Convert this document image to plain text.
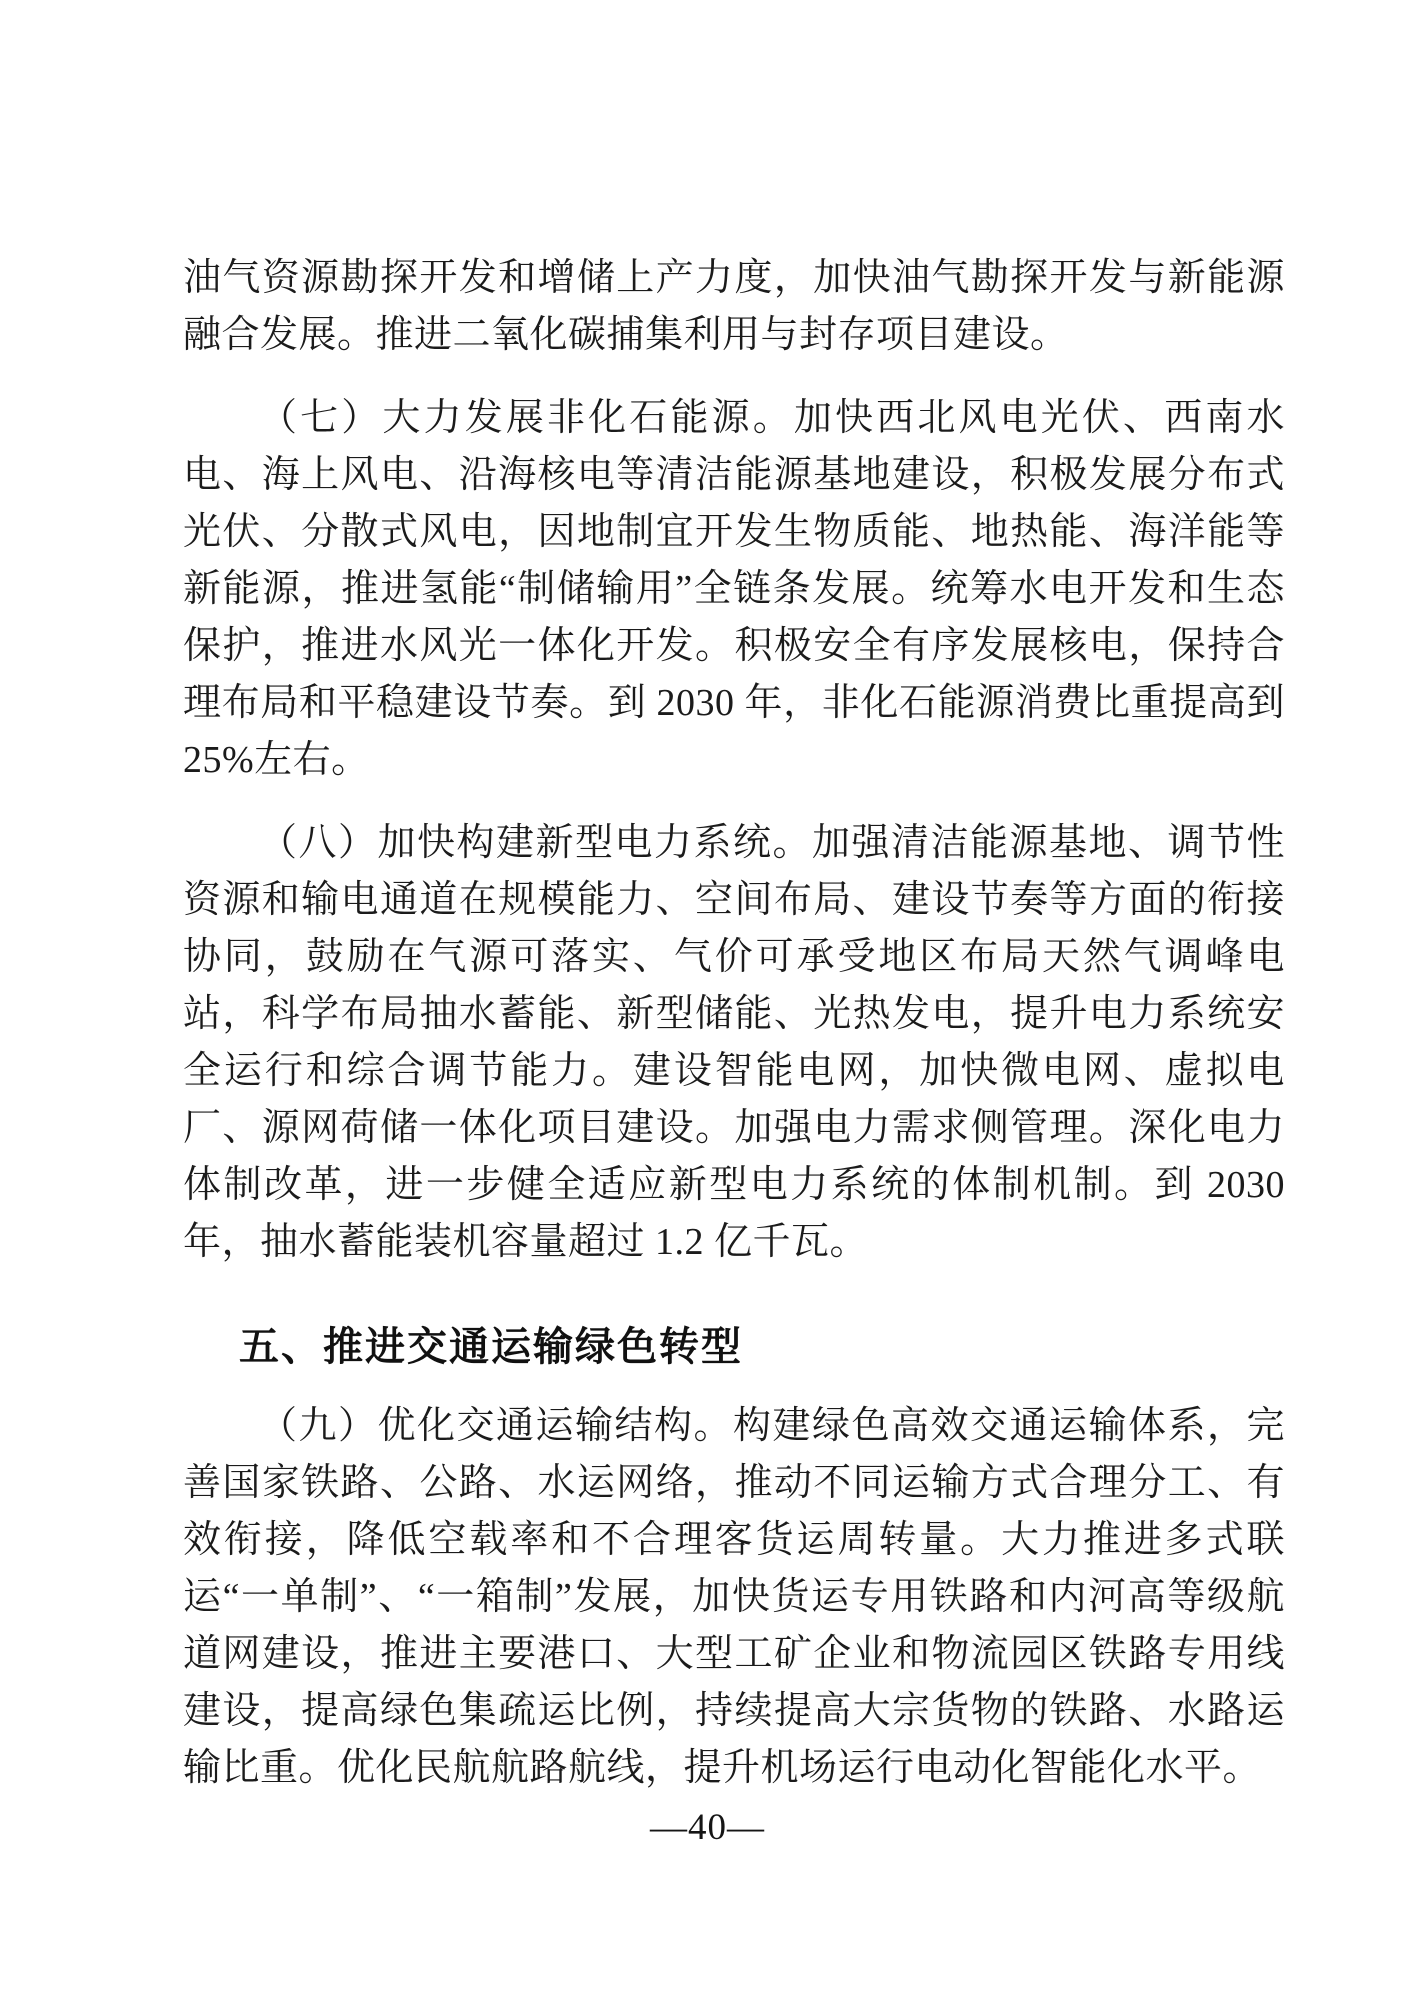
油气资源勘探开发和增储上产力度，加快油气勘探开发与新能源融合发展。推进二氧化碳捕集利用与封存项目建设。

（七）大力发展非化石能源。加快西北风电光伏、西南水电、海上风电、沿海核电等清洁能源基地建设，积极发展分布式光伏、分散式风电，因地制宜开发生物质能、地热能、海洋能等新能源，推进氢能“制储输用”全链条发展。统筹水电开发和生态保护，推进水风光一体化开发。积极安全有序发展核电，保持合理布局和平稳建设节奏。到 2030 年，非化石能源消费比重提高到 25%左右。

（八）加快构建新型电力系统。加强清洁能源基地、调节性资源和输电通道在规模能力、空间布局、建设节奏等方面的衔接协同，鼓励在气源可落实、气价可承受地区布局天然气调峰电站，科学布局抽水蓄能、新型储能、光热发电，提升电力系统安全运行和综合调节能力。建设智能电网，加快微电网、虚拟电厂、源网荷储一体化项目建设。加强电力需求侧管理。深化电力体制改革，进一步健全适应新型电力系统的体制机制。到 2030 年，抽水蓄能装机容量超过 1.2 亿千瓦。

五、推进交通运输绿色转型

（九）优化交通运输结构。构建绿色高效交通运输体系，完善国家铁路、公路、水运网络，推动不同运输方式合理分工、有效衔接，降低空载率和不合理客货运周转量。大力推进多式联运“一单制”、“一箱制”发展，加快货运专用铁路和内河高等级航道网建设，推进主要港口、大型工矿企业和物流园区铁路专用线建设，提高绿色集疏运比例，持续提高大宗货物的铁路、水路运输比重。优化民航航路航线，提升机场运行电动化智能化水平。

—40—
